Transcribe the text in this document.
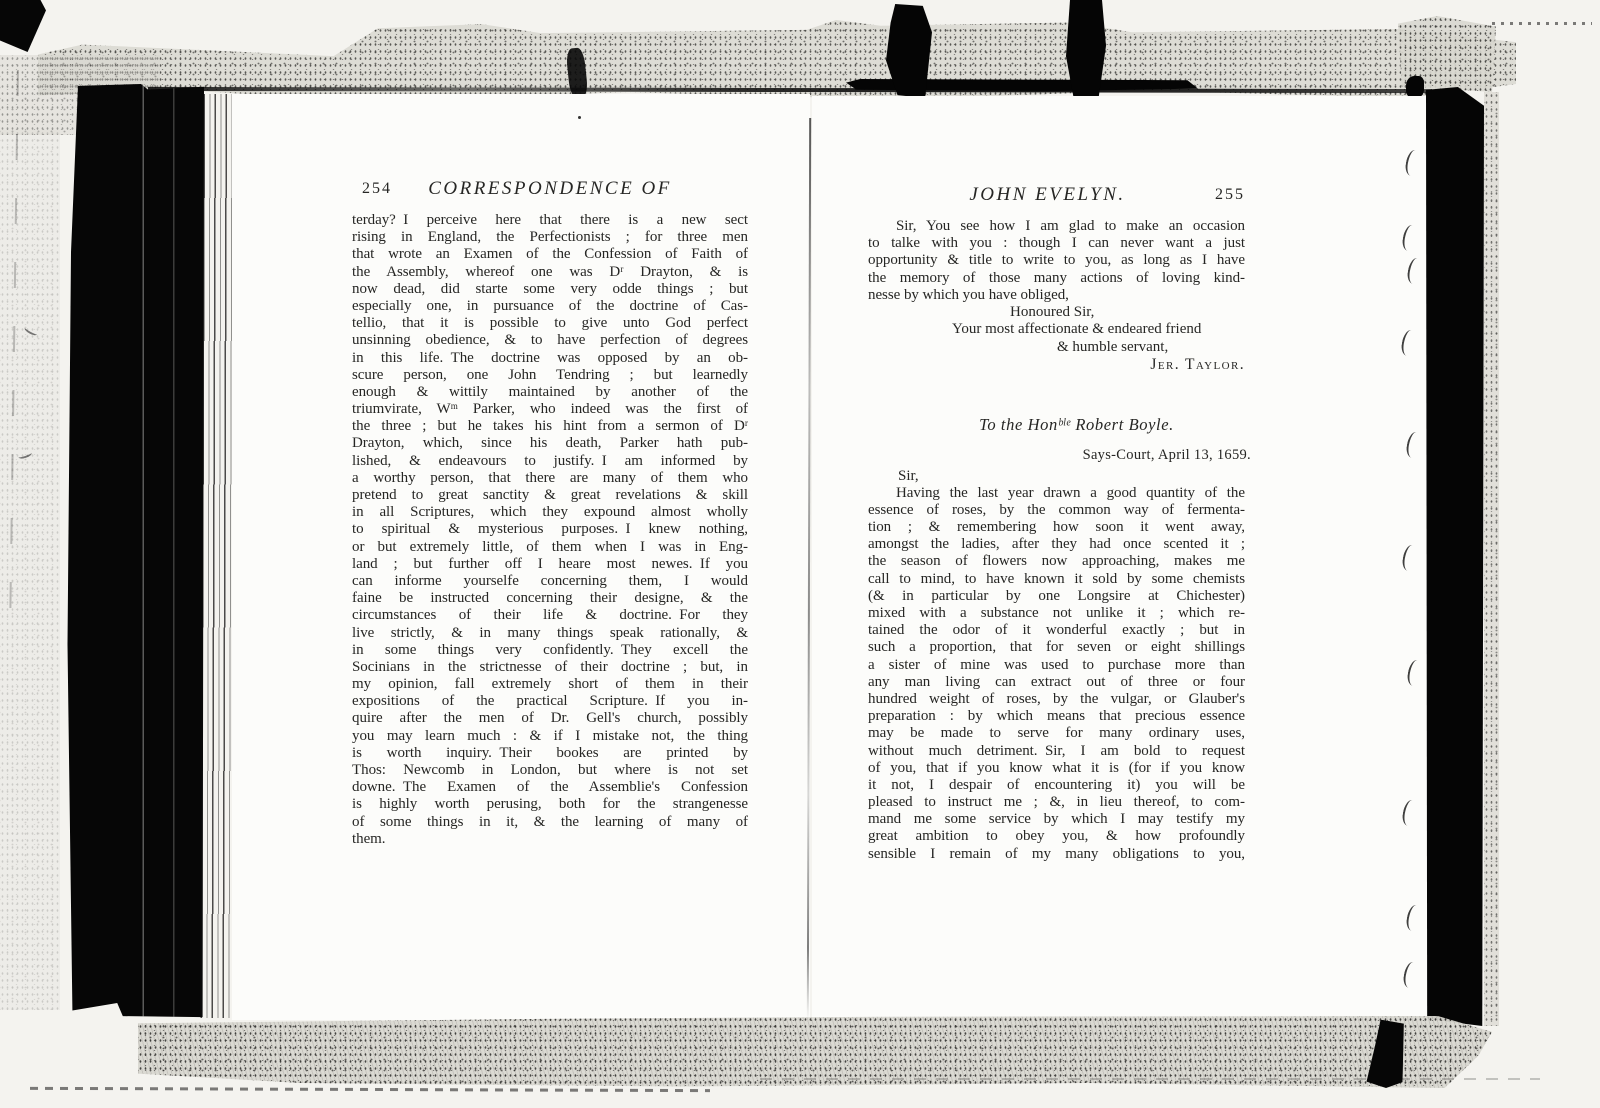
254	CORRESPONDENCE OF
terday? I perceive here that there is a new sect
rising in England, the Perfectionists ; for three men
that wrote an Examen of the Confession of Faith of
the Assembly, whereof one was Dʳ Drayton, & is
now dead, did starte some very odde things ; but
especially one, in pursuance of the doctrine of Cas-
tellio, that it is possible to give unto God perfect
unsinning obedience, & to have perfection of degrees
in this life. The doctrine was opposed by an ob-
scure person, one John Tendring ; but learnedly
enough & wittily maintained by another of the
triumvirate, Wᵐ Parker, who indeed was the first of
the three ; but he takes his hint from a sermon of Dʳ
Drayton, which, since his death, Parker hath pub-
lished, & endeavours to justify. I am informed by
a worthy person, that there are many of them who
pretend to great sanctity & great revelations & skill
in all Scriptures, which they expound almost wholly
to spiritual & mysterious purposes. I knew nothing,
or but extremely little, of them when I was in Eng-
land ; but further off I heare most newes. If you
can informe yourselfe concerning them, I would
faine be instructed concerning their designe, & the
circumstances of their life & doctrine. For they
live strictly, & in many things speak rationally, &
in some things very confidently. They excell the
Socinians in the strictnesse of their doctrine ; but, in
my opinion, fall extremely short of them in their
expositions of the practical Scripture. If you in-
quire after the men of Dr. Gell's church, possibly
you may learn much : & if I mistake not, the thing
is worth inquiry. Their bookes are printed by
Thos: Newcomb in London, but where is not set
downe. The Examen of the Assemblie's Confession
is highly worth perusing, both for the strangenesse
of some things in it, & the learning of many of
them.
JOHN EVELYN.	255
Sir, You see how I am glad to make an occasion
to talke with you : though I can never want a just
opportunity & title to write to you, as long as I have
the memory of those many actions of loving kind-
nesse by which you have obliged,
Honoured Sir,
Your most affectionate & endeared friend
& humble servant,
Jer. Taylor.
To the Honᵇˡᵉ Robert Boyle.
Says-Court, April 13, 1659.
Sir,
Having the last year drawn a good quantity of the
essence of roses, by the common way of fermenta-
tion ; & remembering how soon it went away,
amongst the ladies, after they had once scented it ;
the season of flowers now approaching, makes me
call to mind, to have known it sold by some chemists
(& in particular by one Longsire at Chichester)
mixed with a substance not unlike it ; which re-
tained the odor of it wonderful exactly ; but in
such a proportion, that for seven or eight shillings
a sister of mine was used to purchase more than
any man living can extract out of three or four
hundred weight of roses, by the vulgar, or Glauber's
preparation : by which means that precious essence
may be made to serve for many ordinary uses,
without much detriment. Sir, I am bold to request
of you, that if you know what it is (for if you know
it not, I despair of encountering it) you will be
pleased to instruct me ; &, in lieu thereof, to com-
mand me some service by which I may testify my
great ambition to obey you, & how profoundly
sensible I remain of my many obligations to you,
